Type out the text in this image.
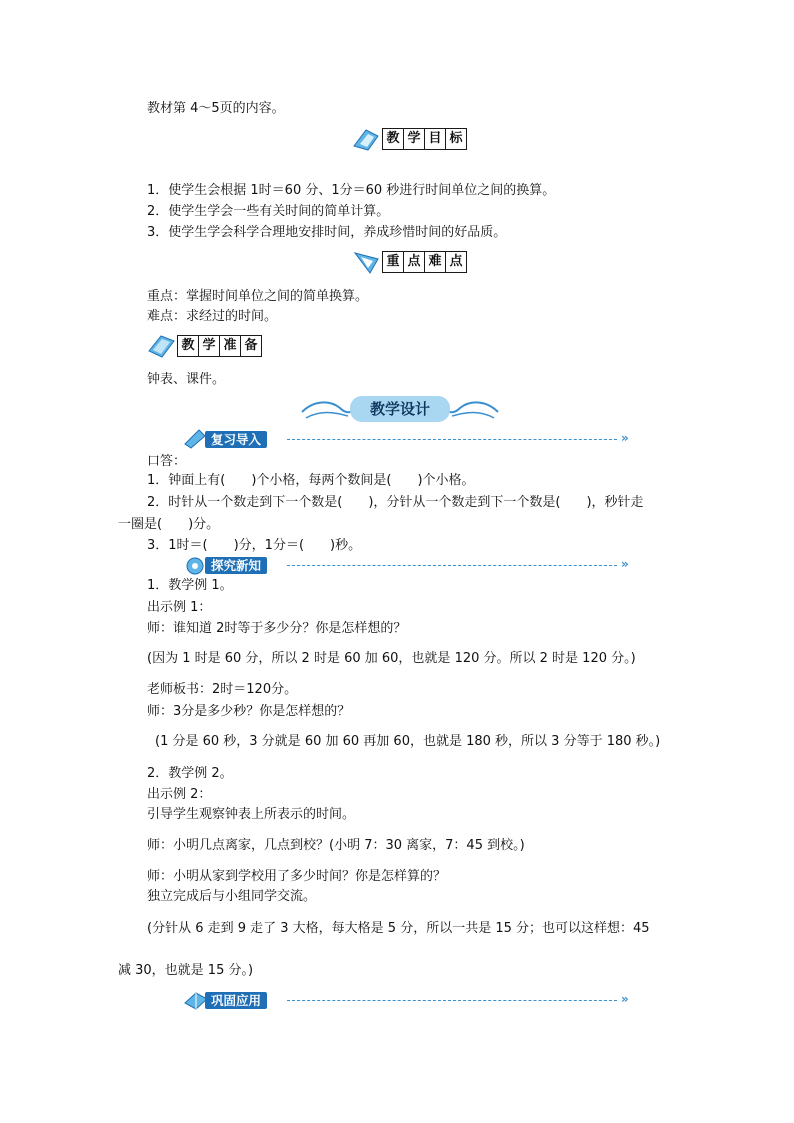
教材第 4～5页的内容。
教 学 目 标
1．使学生会根据 1时＝60 分、1分＝60 秒进行时间单位之间的换算。
2．使学生学会一些有关时间的简单计算。
3．使学生学会科学合理地安排时间，养成珍惜时间的好品质。
重 点 难 点
重点：掌握时间单位之间的简单换算。
难点：求经过的时间。
教 学 准 备
钟表、课件。
教学设计
复习导入	»
口答：
1．钟面上有(　　)个小格，每两个数间是(　　)个小格。
2．时针从一个数走到下一个数是(　　)，分针从一个数走到下一个数是(　　)，秒针走
一圈是(　　)分。
3．1时＝(　　)分，1分＝(　　)秒。
探究新知	»
1．教学例 1。
出示例 1：
师：谁知道 2时等于多少分？你是怎样想的？
(因为 1 时是 60 分，所以 2 时是 60 加 60，也就是 120 分。所以 2 时是 120 分。)
老师板书：2时＝120分。
师：3分是多少秒？你是怎样想的？
(1 分是 60 秒，3 分就是 60 加 60 再加 60，也就是 180 秒，所以 3 分等于 180 秒。)
2．教学例 2。
出示例 2：
引导学生观察钟表上所表示的时间。
师：小明几点离家，几点到校？(小明 7：30 离家，7：45 到校。)
师：小明从家到学校用了多少时间？你是怎样算的？
独立完成后与小组同学交流。
(分针从 6 走到 9 走了 3 大格，每大格是 5 分，所以一共是 15 分；也可以这样想：45
减 30，也就是 15 分。)
巩固应用	»
